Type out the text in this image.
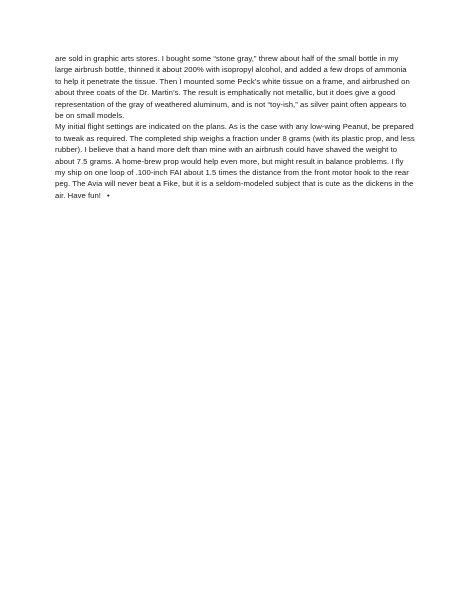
are sold in graphic arts stores. I bought some “stone gray,” threw about half of the small bottle in my
large airbrush bottle, thinned it about 200% with isopropyl alcohol, and added a few drops of ammonia
to help it penetrate the tissue. Then I mounted some Peck’s white tissue on a frame, and airbrushed on
about three coats of the Dr. Martin’s. The result is emphatically not metallic, but it does give a good
representation of the gray of weathered aluminum, and is not “toy-ish,” as silver paint often appears to
be on small models.

My initial flight settings are indicated on the plans. As is the case with any low-wing Peanut, be prepared
to tweak as required. The completed ship weighs a fraction under 8 grams (with its plastic prop, and less
rubber). I believe that a hand more deft than mine with an airbrush could have shaved the weight to
about 7.5 grams. A home-brew prop would help even more, but might result in balance problems. I fly
my ship on one loop of .100-inch FAI about 1.5 times the distance from the front motor hook to the rear
peg. The Avia will never beat a Fike, but it is a seldom-modeled subject that is cute as the dickens in the
air. Have fun! •
